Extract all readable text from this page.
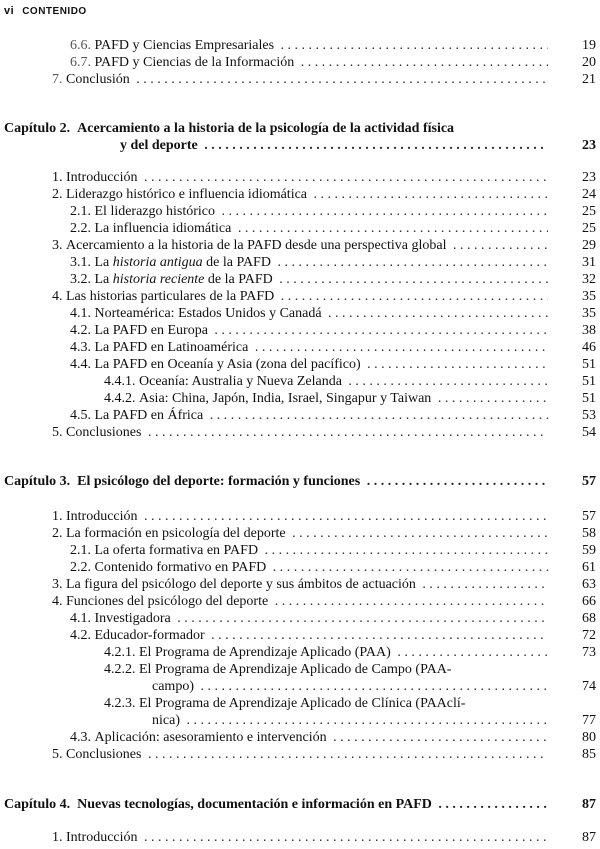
vi CONTENIDO
6.6. PAFD y Ciencias Empresariales . . .	19
6.7. PAFD y Ciencias de la Información . . .	20
7. Conclusión . . .	21
Capítulo 2. Acercamiento a la historia de la psicología de la actividad física
y del deporte . . .	23
1. Introducción . . .	23
2. Liderazgo histórico e influencia idiomática . . .	24
2.1. El liderazgo histórico . . .	25
2.2. La influencia idiomática . . .	25
3. Acercamiento a la historia de la PAFD desde una perspectiva global . . .	29
3.1. La historia antigua de la PAFD . . .	31
3.2. La historia reciente de la PAFD . . .	32
4. Las historias particulares de la PAFD . . .	35
4.1. Norteamérica: Estados Unidos y Canadá . . .	35
4.2. La PAFD en Europa . . .	38
4.3. La PAFD en Latinoamérica . . .	46
4.4. La PAFD en Oceanía y Asia (zona del pacífico) . . .	51
4.4.1. Oceanía: Australia y Nueva Zelanda . . .	51
4.4.2. Asia: China, Japón, India, Israel, Singapur y Taiwan . . .	51
4.5. La PAFD en África . . .	53
5. Conclusiones . . .	54
Capítulo 3. El psicólogo del deporte: formación y funciones . . .	57
1. Introducción . . .	57
2. La formación en psicología del deporte . . .	58
2.1. La oferta formativa en PAFD . . .	59
2.2. Contenido formativo en PAFD . . .	61
3. La figura del psicólogo del deporte y sus ámbitos de actuación . . .	63
4. Funciones del psicólogo del deporte . . .	66
4.1. Investigadora . . .	68
4.2. Educador-formador . . .	72
4.2.1. El Programa de Aprendizaje Aplicado (PAA) . . .	73
4.2.2. El Programa de Aprendizaje Aplicado de Campo (PAA-
campo) . . .	74
4.2.3. El Programa de Aprendizaje Aplicado de Clínica (PAAclí-
nica) . . .	77
4.3. Aplicación: asesoramiento e intervención . . .	80
5. Conclusiones . . .	85
Capítulo 4. Nuevas tecnologías, documentación e información en PAFD . . .	87
1. Introducción . . .	87
